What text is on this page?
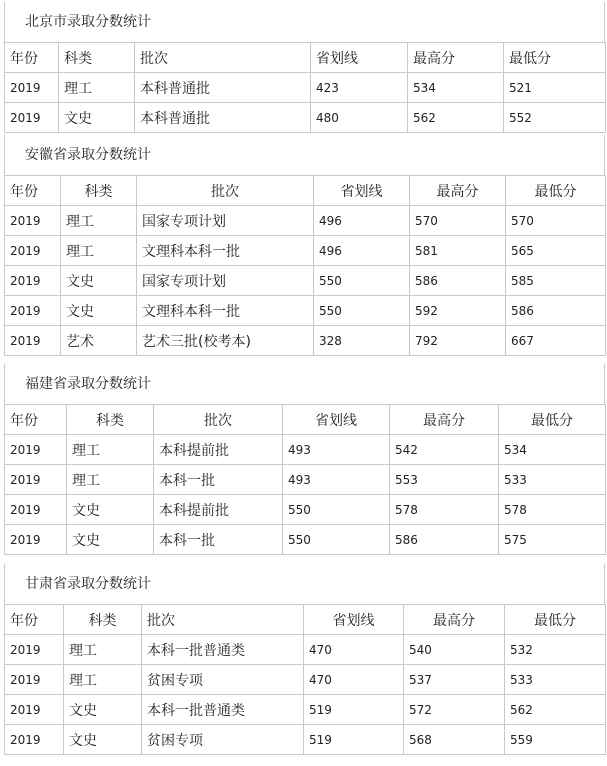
北京市录取分数统计
年份	科类	批次	省划线	最高分	最低分
2019	理工	本科普通批	423	534	521
2019	文史	本科普通批	480	562	552
安徽省录取分数统计
年份	科类	批次	省划线	最高分	最低分
2019	理工	国家专项计划	496	570	570
2019	理工	文理科本科一批	496	581	565
2019	文史	国家专项计划	550	586	585
2019	文史	文理科本科一批	550	592	586
2019	艺术	艺术三批(校考本)	328	792	667
福建省录取分数统计
年份	科类	批次	省划线	最高分	最低分
2019	理工	本科提前批	493	542	534
2019	理工	本科一批	493	553	533
2019	文史	本科提前批	550	578	578
2019	文史	本科一批	550	586	575
甘肃省录取分数统计
年份	科类	批次	省划线	最高分	最低分
2019	理工	本科一批普通类	470	540	532
2019	理工	贫困专项	470	537	533
2019	文史	本科一批普通类	519	572	562
2019	文史	贫困专项	519	568	559
